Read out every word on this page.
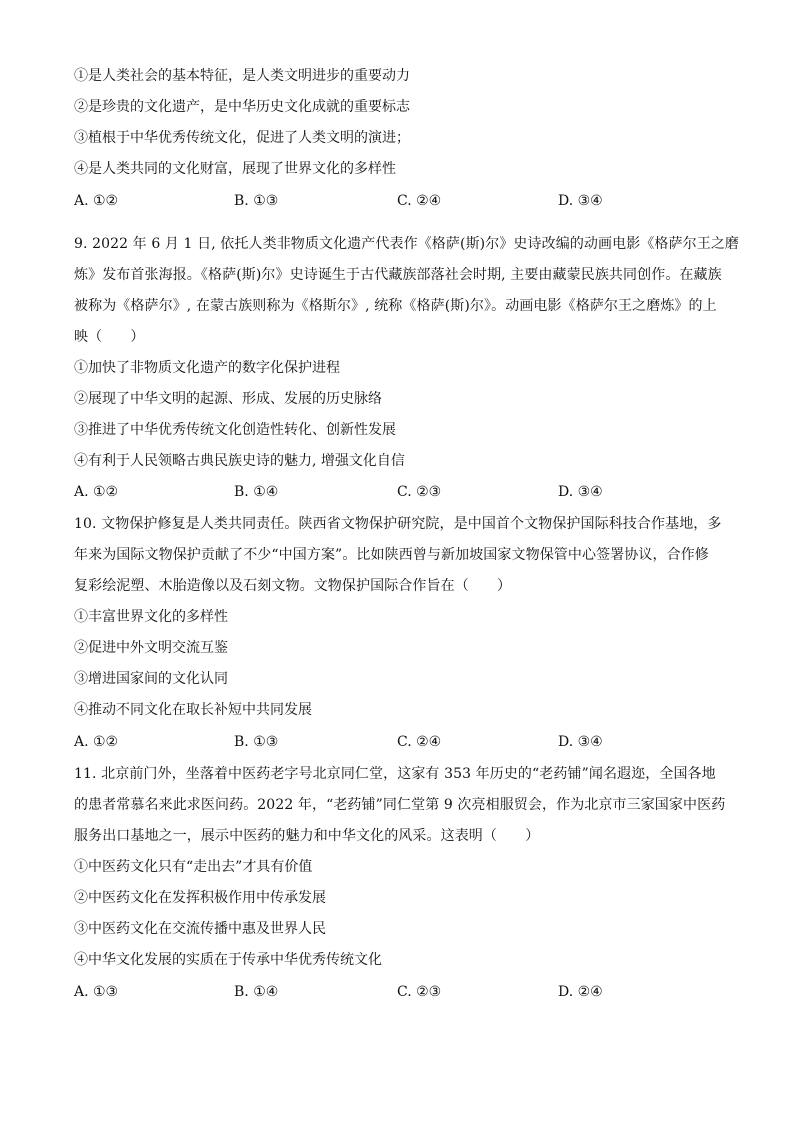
①是人类社会的基本特征，是人类文明进步的重要动力
②是珍贵的文化遗产，是中华历史文化成就的重要标志
③植根于中华优秀传统文化，促进了人类文明的演进；
④是人类共同的文化财富，展现了世界文化的多样性
A. ①②	B. ①③	C. ②④	D. ③④
9. 2022 年 6 月 1 日, 依托人类非物质文化遗产代表作《格萨(斯)尔》史诗改编的动画电影《格萨尔王之磨
炼》发布首张海报。《格萨(斯)尔》史诗诞生于古代藏族部落社会时期, 主要由藏蒙民族共同创作。在藏族
被称为《格萨尔》, 在蒙古族则称为《格斯尔》, 统称《格萨(斯)尔》。动画电影《格萨尔王之磨炼》的上
映（　　）
①加快了非物质文化遗产的数字化保护进程
②展现了中华文明的起源、形成、发展的历史脉络
③推进了中华优秀传统文化创造性转化、创新性发展
④有利于人民领略古典民族史诗的魅力, 增强文化自信
A. ①②	B. ①④	C. ②③	D. ③④
10. 文物保护修复是人类共同责任。陕西省文物保护研究院，是中国首个文物保护国际科技合作基地，多
年来为国际文物保护贡献了不少“中国方案”。比如陕西曾与新加坡国家文物保管中心签署协议，合作修
复彩绘泥塑、木胎造像以及石刻文物。文物保护国际合作旨在（　　）
①丰富世界文化的多样性
②促进中外文明交流互鉴
③增进国家间的文化认同
④推动不同文化在取长补短中共同发展
A. ①②	B. ①③	C. ②④	D. ③④
11. 北京前门外，坐落着中医药老字号北京同仁堂，这家有 353 年历史的“老药铺”闻名遐迩，全国各地
的患者常慕名来此求医问药。2022 年，“老药铺”同仁堂第 9 次亮相服贸会，作为北京市三家国家中医药
服务出口基地之一，展示中医药的魅力和中华文化的风采。这表明（　　）
①中医药文化只有“走出去”才具有价值
②中医药文化在发挥积极作用中传承发展
③中医药文化在交流传播中惠及世界人民
④中华文化发展的实质在于传承中华优秀传统文化
A. ①③	B. ①④	C. ②③	D. ②④
